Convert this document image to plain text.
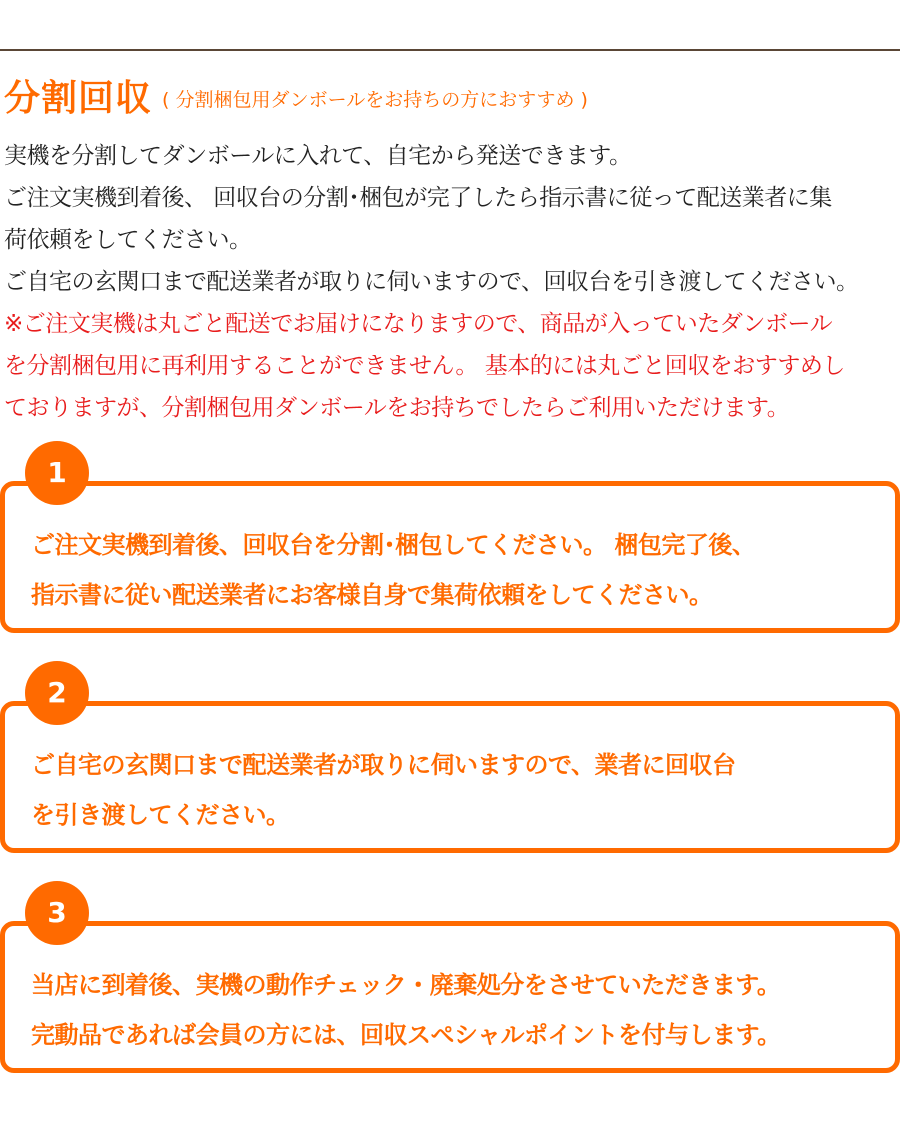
分割回収 ( 分割梱包用ダンボールをお持ちの方におすすめ )
実機を分割してダンボールに入れて、自宅から発送できます。
ご注文実機到着後、 回収台の分割･梱包が完了したら指示書に従って配送業者に集
荷依頼をしてください。
ご自宅の玄関口まで配送業者が取りに伺いますので、回収台を引き渡してください。
※ご注文実機は丸ごと配送でお届けになりますので、商品が入っていたダンボール
を分割梱包用に再利用することができません。 基本的には丸ごと回収をおすすめし
ておりますが、分割梱包用ダンボールをお持ちでしたらご利用いただけます。
ご注文実機到着後、回収台を分割･梱包してください。 梱包完了後、
指示書に従い配送業者にお客様自身で集荷依頼をしてください。
1
ご自宅の玄関口まで配送業者が取りに伺いますので、業者に回収台
を引き渡してください。
2
当店に到着後、実機の動作チェック・廃棄処分をさせていただきます。
完動品であれば会員の方には、回収スペシャルポイントを付与します。
3
